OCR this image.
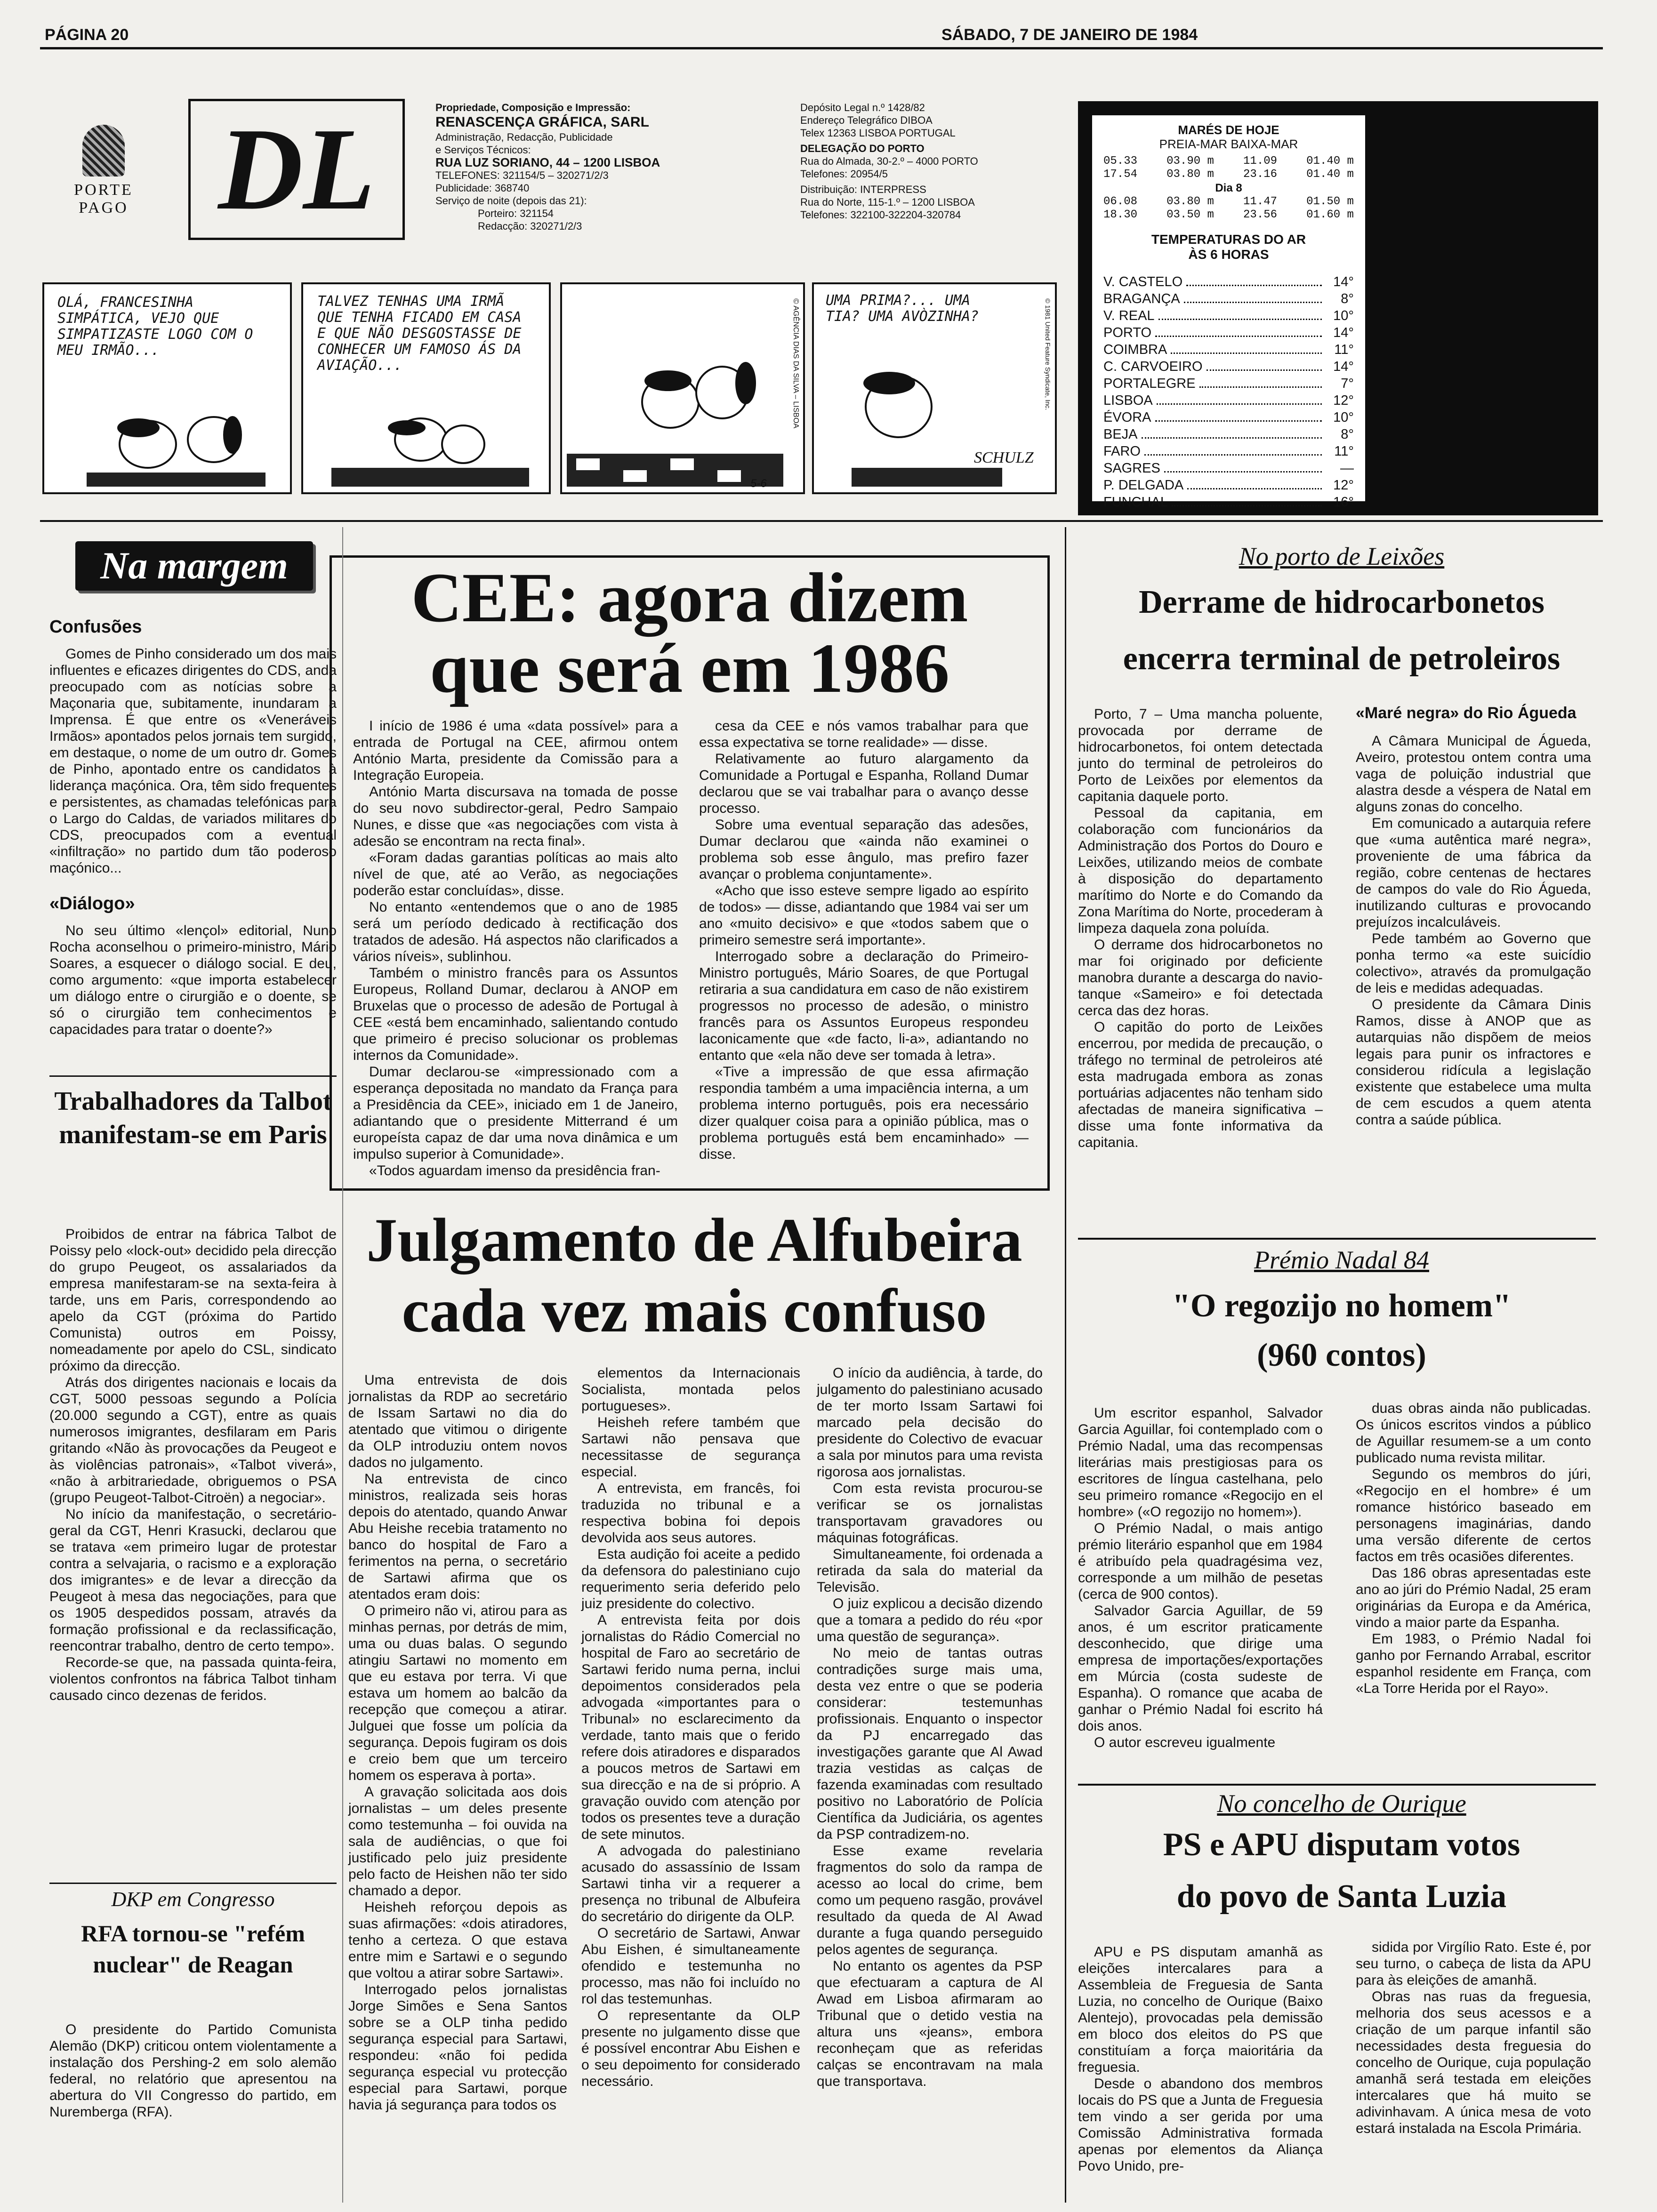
PÁGINA 20	SÁBADO, 7 DE JANEIRO DE 1984
PORTE PAGO DL	Propriedade, Composição e Impressão:
RENASCENÇA GRÁFICA, SARL
Administração, Redacção, Publicidade
e Serviços Técnicos:
RUA LUZ SORIANO, 44 – 1200 LISBOA
TELEFONES: 321154/5 – 320271/2/3
Publicidade: 368740
Serviço de noite (depois das 21):
Porteiro: 321154
Redacção: 320271/2/3
Depósito Legal n.º 1428/82
Endereço Telegráfico DIBOA
Telex 12363 LISBOA PORTUGAL
DELEGAÇÃO DO PORTO
Rua do Almada, 30-2.º – 4000 PORTO
Telefones: 20954/5
Distribuição: INTERPRESS
Rua do Norte, 115-1.º – 1200 LISBOA
Telefones: 322100-322204-320784
MARÉS DE HOJE
PREIA-MAR BAIXA-MAR
05.33	03.90 m	11.09	01.40 m
17.54	03.80 m	23.16	01.40 m
Dia 8
06.08	03.80 m	11.47	01.50 m
18.30	03.50 m	23.56	01.60 m
TEMPERATURAS DO AR
ÀS 6 HORAS
V. CASTELO	14°
BRAGANÇA	8°
V. REAL	10°
PORTO	14°
COIMBRA	11°
C. CARVOEIRO	14°
PORTALEGRE	7°
LISBOA	12°
ÉVORA	10°
BEJA	8°
FARO	11°
SAGRES	—
P. DELGADA	12°
FUNCHAL	16°
OLÁ, FRANCESINHA SIMPÁTICA, VEJO QUE SIMPATIZASTE LOGO COM O MEU IRMÃO...
TALVEZ TENHAS UMA IRMÃ QUE TENHA FICADO EM CASA E QUE NÃO DESGOSTASSE DE CONHECER UM FAMOSO ÁS DA AVIAÇÃO...
5-6
© AGÊNCIA DIAS DA SILVA – LISBOA UMA PRIMA?... UMA TIA? UMA AVÒZINHA?
SCHULZ
© 1981 United Feature Syndicate, Inc.
Na margem
Confusões
Gomes de Pinho considerado um dos mais influentes e eficazes dirigentes do CDS, anda preocupado com as notícias sobre a Maçonaria que, subitamente, inundaram a Imprensa. É que entre os «Veneráveis Irmãos» apontados pelos jornais tem surgido, em destaque, o nome de um outro dr. Gomes de Pinho, apontado entre os candidatos à liderança maçónica. Ora, têm sido frequentes e persistentes, as chamadas telefónicas para o Largo do Caldas, de variados militares do CDS, preocupados com a eventual «infiltração» no partido dum tão poderoso maçónico...
«Diálogo»
No seu último «lençol» editorial, Nuno Rocha aconselhou o primeiro-ministro, Mário Soares, a esquecer o diálogo social. E deu, como argumento: «que importa estabelecer um diálogo entre o cirurgião e o doente, se só o cirurgião tem conhecimentos e capacidades para tratar o doente?»
Trabalhadores da Talbot manifestam-se em Paris

Proibidos de entrar na fábrica Talbot de Poissy pelo «lock-out» decidido pela direcção do grupo Peugeot, os assalariados da empresa manifestaram-se na sexta-feira à tarde, uns em Paris, correspondendo ao apelo da CGT (próxima do Partido Comunista) outros em Poissy, nomeadamente por apelo do CSL, sindicato próximo da direcção.

Atrás dos dirigentes nacionais e locais da CGT, 5000 pessoas segundo a Polícia (20.000 segundo a CGT), entre as quais numerosos imigrantes, desfilaram em Paris gritando «Não às provocações da Peugeot e às violências patronais», «Talbot viverá», «não à arbitrariedade, obriguemos o PSA (grupo Peugeot-Talbot-Citroën) a negociar».

No início da manifestação, o secretário-geral da CGT, Henri Krasucki, declarou que se tratava «em primeiro lugar de protestar contra a selvajaria, o racismo e a exploração dos imigrantes» e de levar a direcção da Peugeot à mesa das negociações, para que os 1905 despedidos possam, através da formação profissional e da reclassificação, reencontrar trabalho, dentro de certo tempo».

Recorde-se que, na passada quinta-feira, violentos confrontos na fábrica Talbot tinham causado cinco dezenas de feridos.

DKP em Congresso
RFA tornou-se "refém nuclear" de Reagan
O presidente do Partido Comunista Alemão (DKP) criticou ontem violentamente a instalação dos Pershing-2 em solo alemão federal, no relatório que apresentou na abertura do VII Congresso do partido, em Nuremberga (RFA).
CEE: agora dizem
que será em 1986

I início de 1986 é uma «data possível» para a entrada de Portugal na CEE, afirmou ontem António Marta, presidente da Comissão para a Integração Europeia.

António Marta discursava na tomada de posse do seu novo subdirector-geral, Pedro Sampaio Nunes, e disse que «as negociações com vista à adesão se encontram na recta final».

«Foram dadas garantias políticas ao mais alto nível de que, até ao Verão, as negociações poderão estar concluídas», disse.

No entanto «entendemos que o ano de 1985 será um período dedicado à rectificação dos tratados de adesão. Há aspectos não clarificados a vários níveis», sublinhou.

Também o ministro francês para os Assuntos Europeus, Rolland Dumar, declarou à ANOP em Bruxelas que o processo de adesão de Portugal à CEE «está bem encaminhado, salientando contudo que primeiro é preciso solucionar os problemas internos da Comunidade».

Dumar declarou-se «impressionado com a esperança depositada no mandato da França para a Presidência da CEE», iniciado em 1 de Janeiro, adiantando que o presidente Mitterrand é um europeísta capaz de dar uma nova dinâmica e um impulso superior à Comunidade».

«Todos aguardam imenso da presidência fran-

cesa da CEE e nós vamos trabalhar para que essa expectativa se torne realidade» — disse.

Relativamente ao futuro alargamento da Comunidade a Portugal e Espanha, Rolland Dumar declarou que se vai trabalhar para o avanço desse processo.

Sobre uma eventual separação das adesões, Dumar declarou que «ainda não examinei o problema sob esse ângulo, mas prefiro fazer avançar o problema conjuntamente».

«Acho que isso esteve sempre ligado ao espírito de todos» — disse, adiantando que 1984 vai ser um ano «muito decisivo» e que «todos sabem que o primeiro semestre será importante».

Interrogado sobre a declaração do Primeiro-Ministro português, Mário Soares, de que Portugal retiraria a sua candidatura em caso de não existirem progressos no processo de adesão, o ministro francês para os Assuntos Europeus respondeu laconicamente que «de facto, li-a», adiantando no entanto que «ela não deve ser tomada à letra».

«Tive a impressão de que essa afirmação respondia também a uma impaciência interna, a um problema interno português, pois era necessário dizer qualquer coisa para a opinião pública, mas o problema português está bem encaminhado» — disse.

Julgamento de Alfubeira
cada vez mais confuso

Uma entrevista de dois jornalistas da RDP ao secretário de Issam Sartawi no dia do atentado que vitimou o dirigente da OLP introduziu ontem novos dados no julgamento.

Na entrevista de cinco ministros, realizada seis horas depois do atentado, quando Anwar Abu Heishe recebia tratamento no banco do hospital de Faro a ferimentos na perna, o secretário de Sartawi afirma que os atentados eram dois:

O primeiro não vi, atirou para as minhas pernas, por detrás de mim, uma ou duas balas. O segundo atingiu Sartawi no momento em que eu estava por terra. Vi que estava um homem ao balcão da recepção que começou a atirar. Julguei que fosse um polícia da segurança. Depois fugiram os dois e creio bem que um terceiro homem os esperava à porta».

A gravação solicitada aos dois jornalistas – um deles presente como testemunha – foi ouvida na sala de audiências, o que foi justificado pelo juiz presidente pelo facto de Heishen não ter sido chamado a depor.

Heisheh reforçou depois as suas afirmações: «dois atiradores, tenho a certeza. O que estava entre mim e Sartawi e o segundo que voltou a atirar sobre Sartawi».

Interrogado pelos jornalistas Jorge Simões e Sena Santos sobre se a OLP tinha pedido segurança especial para Sartawi, respondeu: «não foi pedida segurança especial vu protecção especial para Sartawi, porque havia já segurança para todos os

elementos da Internacionais Socialista, montada pelos portugueses».

Heisheh refere também que Sartawi não pensava que necessitasse de segurança especial.

A entrevista, em francês, foi traduzida no tribunal e a respectiva bobina foi depois devolvida aos seus autores.

Esta audição foi aceite a pedido da defensora do palestiniano cujo requerimento seria deferido pelo juiz presidente do colectivo.

A entrevista feita por dois jornalistas do Rádio Comercial no hospital de Faro ao secretário de Sartawi ferido numa perna, inclui depoimentos considerados pela advogada «importantes para o Tribunal» no esclarecimento da verdade, tanto mais que o ferido refere dois atiradores e disparados a poucos metros de Sartawi em sua direcção e na de si próprio. A gravação ouvido com atenção por todos os presentes teve a duração de sete minutos.

A advogada do palestiniano acusado do assassínio de Issam Sartawi tinha vir a requerer a presença no tribunal de Albufeira do secretário do dirigente da OLP.

O secretário de Sartawi, Anwar Abu Eishen, é simultaneamente ofendido e testemunha no processo, mas não foi incluído no rol das testemunhas.

O representante da OLP presente no julgamento disse que é possível encontrar Abu Eishen e o seu depoimento for considerado necessário.

O início da audiência, à tarde, do julgamento do palestiniano acusado de ter morto Issam Sartawi foi marcado pela decisão do presidente do Colectivo de evacuar a sala por minutos para uma revista rigorosa aos jornalistas.

Com esta revista procurou-se verificar se os jornalistas transportavam gravadores ou máquinas fotográficas.

Simultaneamente, foi ordenada a retirada da sala do material da Televisão.

O juiz explicou a decisão dizendo que a tomara a pedido do réu «por uma questão de segurança».

No meio de tantas outras contradições surge mais uma, desta vez entre o que se poderia considerar: testemunhas profissionais. Enquanto o inspector da PJ encarregado das investigações garante que Al Awad trazia vestidas as calças de fazenda examinadas com resultado positivo no Laboratório de Polícia Científica da Judiciária, os agentes da PSP contradizem-no.

Esse exame revelaria fragmentos do solo da rampa de acesso ao local do crime, bem como um pequeno rasgão, provável resultado da queda de Al Awad durante a fuga quando perseguido pelos agentes de segurança.

No entanto os agentes da PSP que efectuaram a captura de Al Awad em Lisboa afirmaram ao Tribunal que o detido vestia na altura uns «jeans», embora reconheçam que as referidas calças se encontravam na mala que transportava.

No porto de Leixões
Derrame de hidrocarbonetos
encerra terminal de petroleiros

Porto, 7 – Uma mancha poluente, provocada por derrame de hidrocarbonetos, foi ontem detectada junto do terminal de petroleiros do Porto de Leixões por elementos da capitania daquele porto.

Pessoal da capitania, em colaboração com funcionários da Administração dos Portos do Douro e Leixões, utilizando meios de combate à disposição do departamento marítimo do Norte e do Comando da Zona Marítima do Norte, procederam à limpeza daquela zona poluída.

O derrame dos hidrocarbonetos no mar foi originado por deficiente manobra durante a descarga do navio-tanque «Sameiro» e foi detectada cerca das dez horas.

O capitão do porto de Leixões encerrou, por medida de precaução, o tráfego no terminal de petroleiros até esta madrugada embora as zonas portuárias adjacentes não tenham sido afectadas de maneira significativa – disse uma fonte informativa da capitania.

«Maré negra» do Rio Águeda

A Câmara Municipal de Águeda, Aveiro, protestou ontem contra uma vaga de poluição industrial que alastra desde a véspera de Natal em alguns zonas do concelho.

Em comunicado a autarquia refere que «uma autêntica maré negra», proveniente de uma fábrica da região, cobre centenas de hectares de campos do vale do Rio Águeda, inutilizando culturas e provocando prejuízos incalculáveis.

Pede também ao Governo que ponha termo «a este suicídio colectivo», através da promulgação de leis e medidas adequadas.

O presidente da Câmara Dinis Ramos, disse à ANOP que as autarquias não dispõem de meios legais para punir os infractores e considerou ridícula a legislação existente que estabelece uma multa de cem escudos a quem atenta contra a saúde pública.

Prémio Nadal 84
"O regozijo no homem"
(960 contos)

Um escritor espanhol, Salvador Garcia Aguillar, foi contemplado com o Prémio Nadal, uma das recompensas literárias mais prestigiosas para os escritores de língua castelhana, pelo seu primeiro romance «Regocijo en el hombre» («O regozijo no homem»).

O Prémio Nadal, o mais antigo prémio literário espanhol que em 1984 é atribuído pela quadragésima vez, corresponde a um milhão de pesetas (cerca de 900 contos).

Salvador Garcia Aguillar, de 59 anos, é um escritor praticamente desconhecido, que dirige uma empresa de importações/exportações em Múrcia (costa sudeste de Espanha). O romance que acaba de ganhar o Prémio Nadal foi escrito há dois anos.

O autor escreveu igualmente

duas obras ainda não publicadas. Os únicos escritos vindos a público de Aguillar resumem-se a um conto publicado numa revista militar.

Segundo os membros do júri, «Regocijo en el hombre» é um romance histórico baseado em personagens imaginárias, dando uma versão diferente de certos factos em três ocasiões diferentes.

Das 186 obras apresentadas este ano ao júri do Prémio Nadal, 25 eram originárias da Europa e da América, vindo a maior parte da Espanha.

Em 1983, o Prémio Nadal foi ganho por Fernando Arrabal, escritor espanhol residente em França, com «La Torre Herida por el Rayo».

No concelho de Ourique
PS e APU disputam votos
do povo de Santa Luzia

APU e PS disputam amanhã as eleições intercalares para a Assembleia de Freguesia de Santa Luzia, no concelho de Ourique (Baixo Alentejo), provocadas pela demissão em bloco dos eleitos do PS que constituíam a força maioritária da freguesia.

Desde o abandono dos membros locais do PS que a Junta de Freguesia tem vindo a ser gerida por uma Comissão Administrativa formada apenas por elementos da Aliança Povo Unido, pre-

sidida por Virgílio Rato. Este é, por seu turno, o cabeça de lista da APU para às eleições de amanhã.

Obras nas ruas da freguesia, melhoria dos seus acessos e a criação de um parque infantil são necessidades desta freguesia do concelho de Ourique, cuja população amanhã será testada em eleições intercalares que há muito se adivinhavam. A única mesa de voto estará instalada na Escola Primária.
